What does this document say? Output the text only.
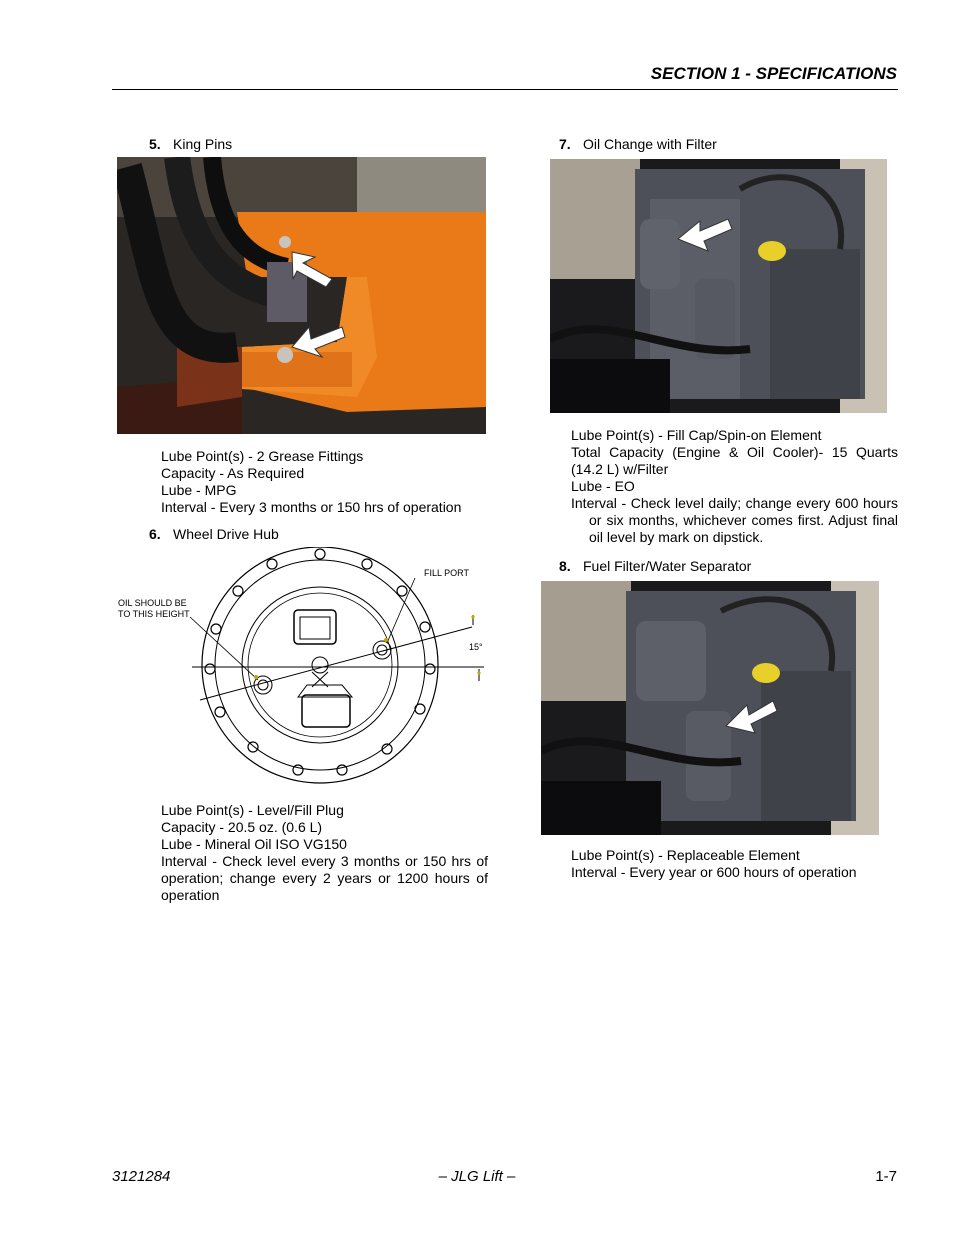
SECTION 1 - SPECIFICATIONS
5. King Pins
Lube Point(s) - 2 Grease Fittings
Capacity - As Required
Lube - MPG
Interval - Every 3 months or 150 hrs of operation
6. Wheel Drive Hub
FILL PORT
OIL SHOULD BE
TO THIS HEIGHT
15°
Lube Point(s) - Level/Fill Plug
Capacity - 20.5 oz. (0.6 L)
Lube - Mineral Oil ISO VG150
Interval - Check level every 3 months or 150 hrs of operation; change every 2 years or 1200 hours of operation
7. Oil Change with Filter
Lube Point(s) - Fill Cap/Spin-on Element
Total Capacity (Engine & Oil Cooler)- 15 Quarts (14.2 L) w/Filter
Lube - EO
Interval - Check level daily; change every 600 hours or six months, whichever comes first. Adjust final oil level by mark on dipstick.
8. Fuel Filter/Water Separator
Lube Point(s) - Replaceable Element
Interval - Every year or 600 hours of operation
3121284	– JLG Lift –	1-7
